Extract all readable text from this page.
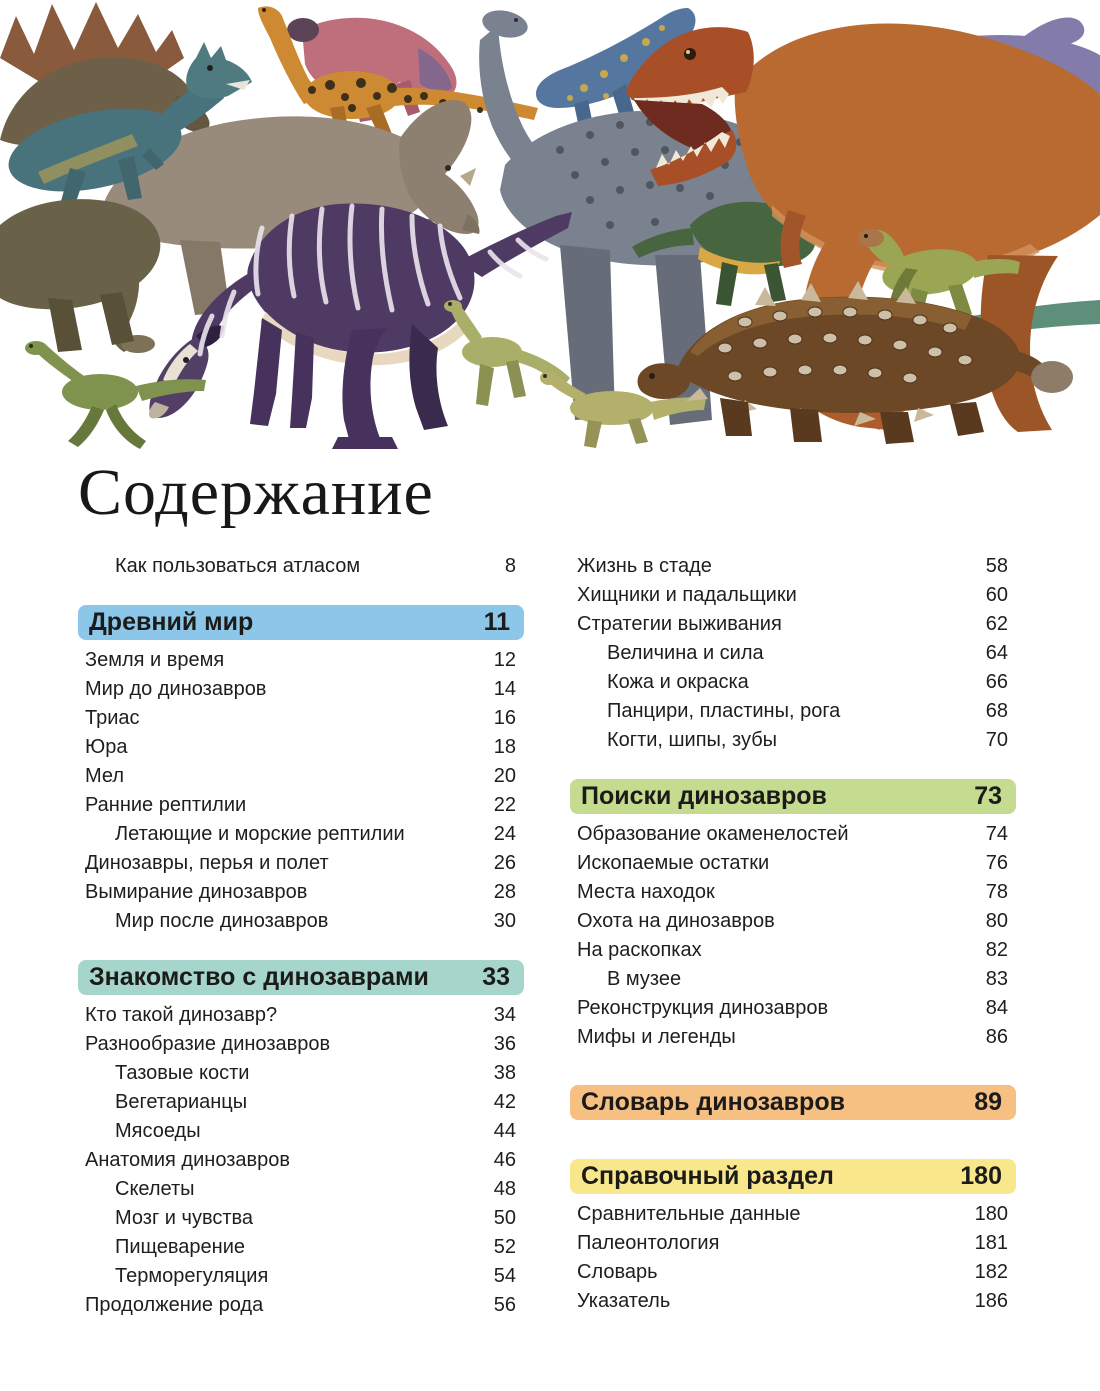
Содержание
Как пользоваться атласом	8
Древний мир	11
Земля и время	12
Мир до динозавров	14
Триас	16
Юра	18
Мел	20
Ранние рептилии	22
Летающие и морские рептилии	24
Динозавры, перья и полет	26
Вымирание динозавров	28
Мир после динозавров	30
Знакомство с динозаврами 33
Кто такой динозавр?	34
Разнообразие динозавров	36
Тазовые кости	38
Вегетарианцы	42
Мясоеды	44
Анатомия динозавров	46
Скелеты	48
Мозг и чувства	50
Пищеварение	52
Терморегуляция	54
Продолжение рода	56
Жизнь в стаде	58
Хищники и падальщики	60
Стратегии выживания	62
Величина и сила	64
Кожа и окраска	66
Панцири, пластины, рога	68
Когти, шипы, зубы	70
Поиски динозавров	73
Образование окаменелостей	74
Ископаемые остатки	76
Места находок	78
Охота на динозавров	80
На раскопках	82
В музее	83
Реконструкция динозавров	84
Мифы и легенды	86
Словарь динозавров	89
Справочный раздел	180
Сравнительные данные	180
Палеонтология	181
Словарь	182
Указатель	186
